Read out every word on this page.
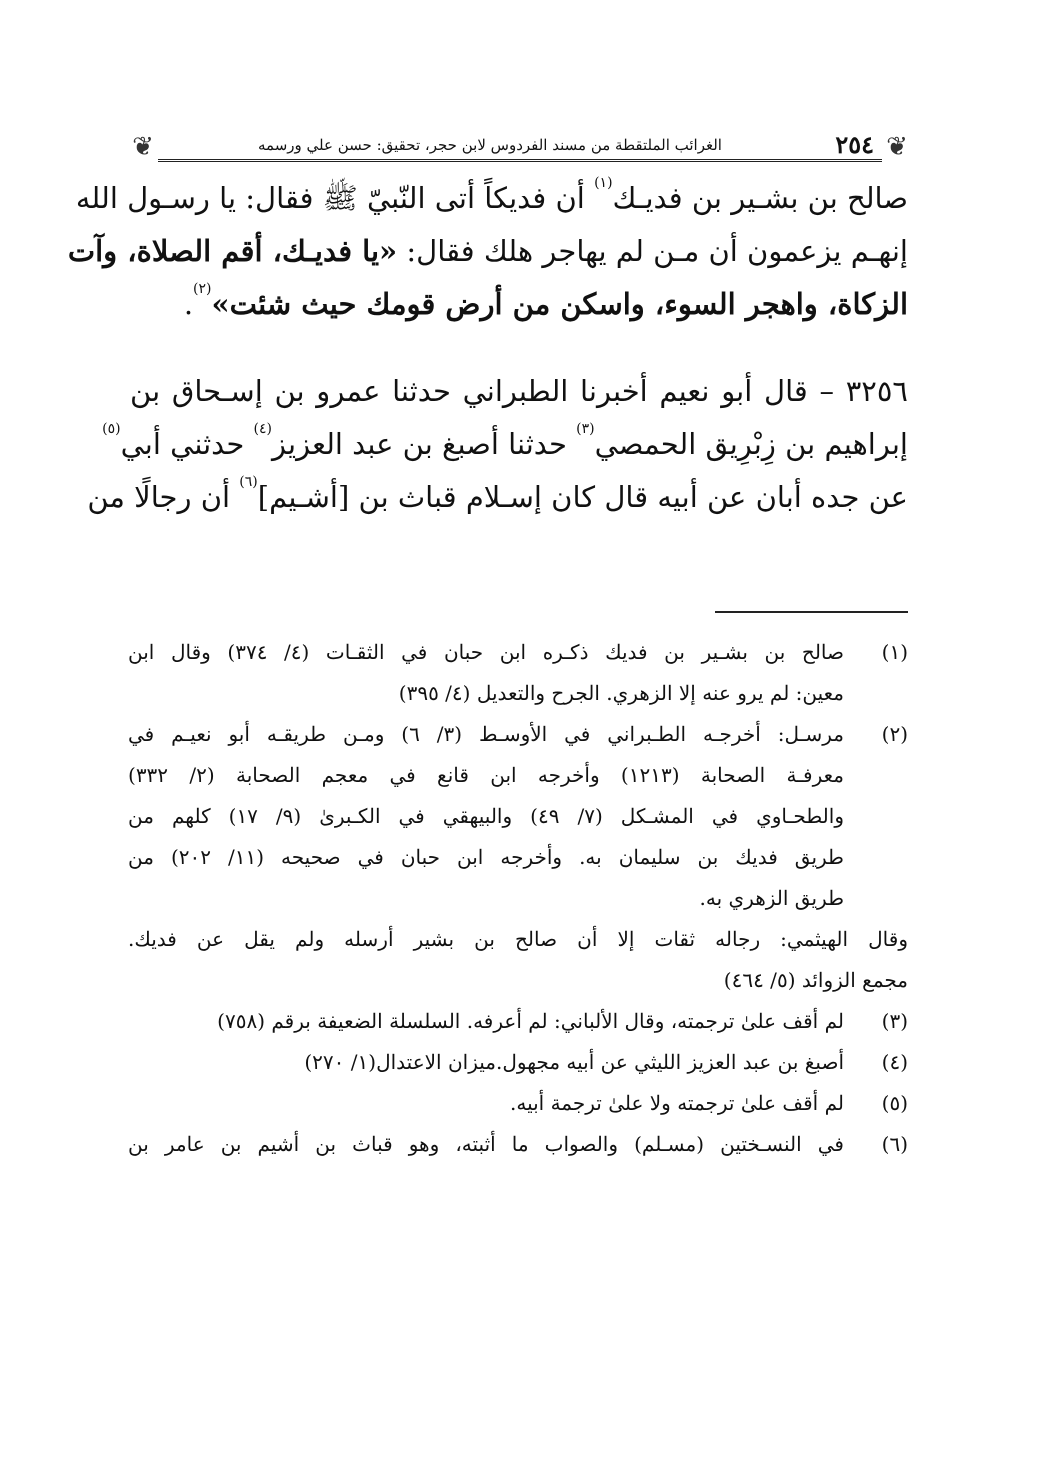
❦
٢٥٤
الغرائب الملتقطة من مسند الفردوس لابن حجر، تحقيق: حسن علي ورسمه
❦
صالح بن بشـير بن فديـك$^{(١)}$ أن فديكاً أتى النّبيّ ﷺ فقال: يا رسـول الله
إنهـم يزعمون أن مـن لم يهاجر هلك فقال: «يا فديـك، أقم الصلاة، وآت
الزكاة، واهجر السوء، واسكن من أرض قومك حيث شئت»$^{(٢)}$.
٣٢٥٦ – قال أبو نعيم أخبرنا الطبراني حدثنا عمرو بن إسـحاق بن
إبراهيم بن زِبْرِيق الحمصي$^{(٣)}$ حدثنا أصبغ بن عبد العزيز$^{(٤)}$ حدثني أبي$^{(٥)}$
عن جده أبان عن أبيه قال كان إسـلام قباث بن [أشـيم]$^{(٦)}$ أن رجالًا من
(١)
صالح بن بشـير بن فديك ذكـره ابن حبان في الثقـات (٤/ ٣٧٤) وقال ابن
معين: لم يرو عنه إلا الزهري. الجرح والتعديل (٤/ ٣٩٥)
(٢)
مرسـل: أخرجـه الطـبراني في الأوسـط (٣/ ٦) ومـن طريقـه أبو نعيـم في
معرفـة الصحابة (١٢١٣) وأخرجه ابن قانع في معجم الصحابة (٢/ ٣٣٢)
والطحـاوي في المشـكل (٧/ ٤٩) والبيهقي في الكـبرىٰ (٩/ ١٧) كلهم من
طريق فديك بن سليمان به. وأخرجه ابن حبان في صحيحه (١١/ ٢٠٢) من
طريق الزهري به.
وقال الهيثمي: رجاله ثقات إلا أن صالح بن بشير أرسله ولم يقل عن فديك.
مجمع الزوائد (٥/ ٤٦٤)
(٣)
لم أقف علىٰ ترجمته، وقال الألباني: لم أعرفه. السلسلة الضعيفة برقم (٧٥٨)
(٤)
أصبغ بن عبد العزيز الليثي عن أبيه مجهول.ميزان الاعتدال(١/ ٢٧٠)
(٥)
لم أقف علىٰ ترجمته ولا علىٰ ترجمة أبيه.
(٦)
في النسـختين (مسـلم) والصواب ما أثبته، وهو قباث بن أشيم بن عامر بن
